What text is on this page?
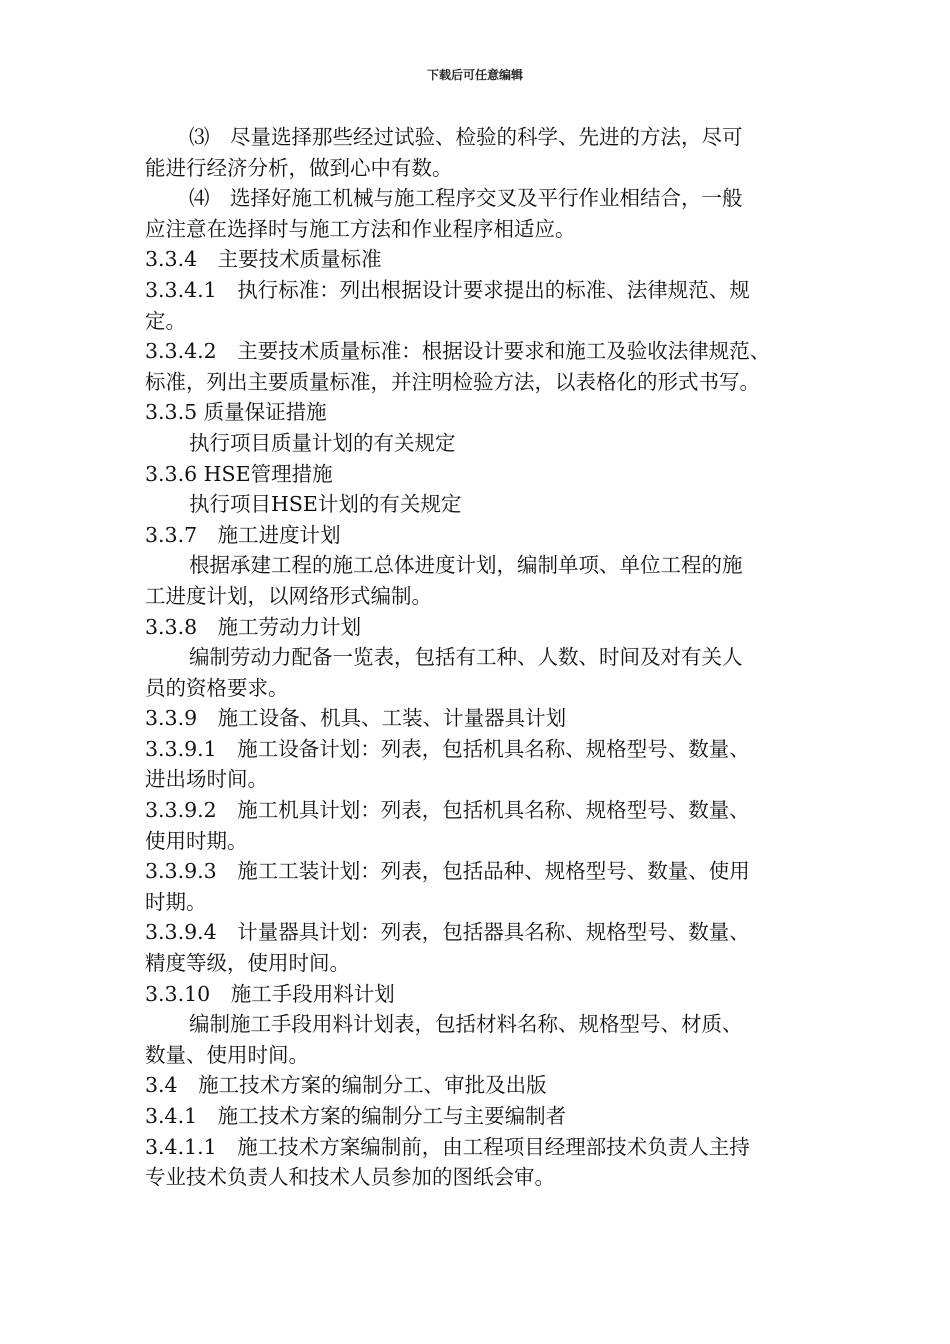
下载后可任意编辑
⑶　尽量选择那些经过试验、检验的科学、先进的方法，尽可
能进行经济分析，做到心中有数。
⑷　选择好施工机械与施工程序交叉及平行作业相结合，一般
应注意在选择时与施工方法和作业程序相适应。
3.3.4　主要技术质量标准
3.3.4.1　执行标准：列出根据设计要求提出的标准、法律规范、规
定。
3.3.4.2　主要技术质量标准：根据设计要求和施工及验收法律规范、
标准，列出主要质量标准，并注明检验方法，以表格化的形式书写。
3.3.5 质量保证措施
执行项目质量计划的有关规定
3.3.6 HSE管理措施
执行项目HSE计划的有关规定
3.3.7　施工进度计划
根据承建工程的施工总体进度计划，编制单项、单位工程的施
工进度计划，以网络形式编制。
3.3.8　施工劳动力计划
编制劳动力配备一览表，包括有工种、人数、时间及对有关人
员的资格要求。
3.3.9　施工设备、机具、工装、计量器具计划
3.3.9.1　施工设备计划：列表，包括机具名称、规格型号、数量、
进出场时间。
3.3.9.2　施工机具计划：列表，包括机具名称、规格型号、数量、
使用时期。
3.3.9.3　施工工装计划：列表，包括品种、规格型号、数量、使用
时期。
3.3.9.4　计量器具计划：列表，包括器具名称、规格型号、数量、
精度等级，使用时间。
3.3.10　施工手段用料计划
编制施工手段用料计划表，包括材料名称、规格型号、材质、
数量、使用时间。
3.4　施工技术方案的编制分工、审批及出版
3.4.1　施工技术方案的编制分工与主要编制者
3.4.1.1　施工技术方案编制前，由工程项目经理部技术负责人主持
专业技术负责人和技术人员参加的图纸会审。
